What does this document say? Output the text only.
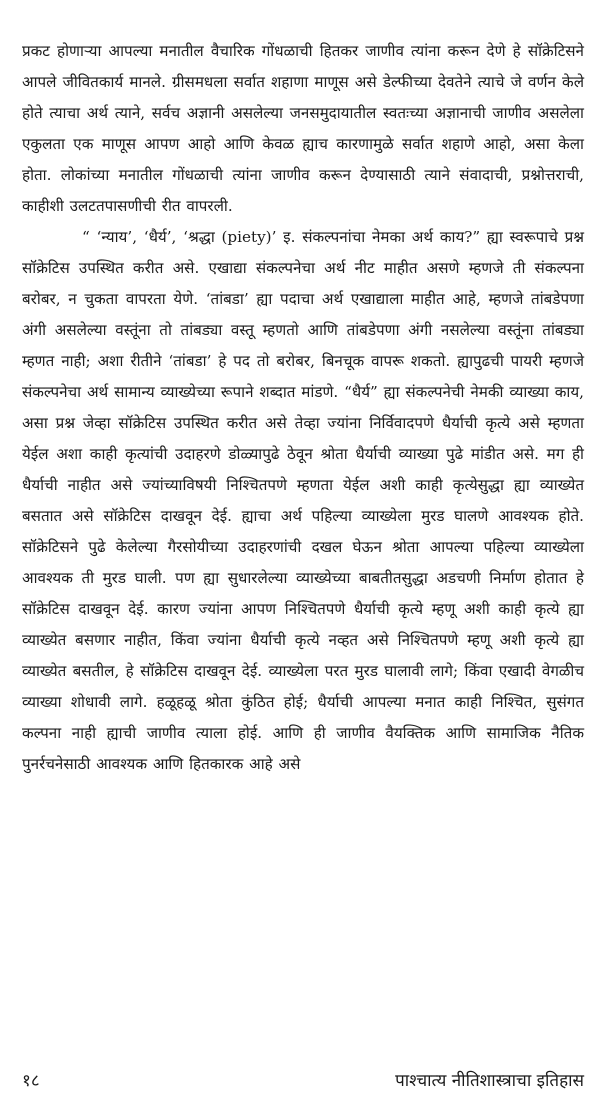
प्रकट होणाऱ्या आपल्या मनातील वैचारिक गोंधळाची हितकर जाणीव त्यांना करून देणे हे सॉक्रेटिसने आपले जीवितकार्य मानले. ग्रीसमधला सर्वात शहाणा माणूस असे डेल्फीच्या देवतेने त्याचे जे वर्णन केले होते त्याचा अर्थ त्याने, सर्वच अज्ञानी असलेल्या जनसमुदायातील स्वतःच्या अज्ञानाची जाणीव असलेला एकुलता एक माणूस आपण आहो आणि केवळ ह्याच कारणामुळे सर्वात शहाणे आहो, असा केला होता. लोकांच्या मनातील गोंधळाची त्यांना जाणीव करून देण्यासाठी त्याने संवादाची, प्रश्नोत्तराची, काहीशी उलटतपासणीची रीत वापरली.

“ ‘न्याय’, ‘धैर्य’, ‘श्रद्धा (piety)’ इ. संकल्पनांचा नेमका अर्थ काय?” ह्या स्वरूपाचे प्रश्न सॉक्रेटिस उपस्थित करीत असे. एखाद्या संकल्पनेचा अर्थ नीट माहीत असणे म्हणजे ती संकल्पना बरोबर, न चुकता वापरता येणे. ‘तांबडा’ ह्या पदाचा अर्थ एखाद्याला माहीत आहे, म्हणजे तांबडेपणा अंगी असलेल्या वस्तूंना तो तांबड्या वस्तू म्हणतो आणि तांबडेपणा अंगी नसलेल्या वस्तूंना तांबड्या म्हणत नाही; अशा रीतीने ‘तांबडा’ हे पद तो बरोबर, बिनचूक वापरू शकतो. ह्यापुढची पायरी म्हणजे संकल्पनेचा अर्थ सामान्य व्याख्येच्या रूपाने शब्दात मांडणे. “धैर्य” ह्या संकल्पनेची नेमकी व्याख्या काय, असा प्रश्न जेव्हा सॉक्रेटिस उपस्थित करीत असे तेव्हा ज्यांना निर्विवादपणे धैर्याची कृत्ये असे म्हणता येईल अशा काही कृत्यांची उदाहरणे डोळ्यापुढे ठेवून श्रोता धैर्याची व्याख्या पुढे मांडीत असे. मग ही धैर्याची नाहीत असे ज्यांच्याविषयी निश्चितपणे म्हणता येईल अशी काही कृत्येसुद्धा ह्या व्याख्येत बसतात असे सॉक्रेटिस दाखवून देई. ह्याचा अर्थ पहिल्या व्याख्येला मुरड घालणे आवश्यक होते. सॉक्रेटिसने पुढे केलेल्या गैरसोयीच्या उदाहरणांची दखल घेऊन श्रोता आपल्या पहिल्या व्याख्येला आवश्यक ती मुरड घाली. पण ह्या सुधारलेल्या व्याख्येच्या बाबतीतसुद्धा अडचणी निर्माण होतात हे सॉक्रेटिस दाखवून देई. कारण ज्यांना आपण निश्चितपणे धैर्याची कृत्ये म्हणू अशी काही कृत्ये ह्या व्याख्येत बसणार नाहीत, किंवा ज्यांना धैर्याची कृत्ये नव्हत असे निश्चितपणे म्हणू अशी कृत्ये ह्या व्याख्येत बसतील, हे सॉक्रेटिस दाखवून देई. व्याख्येला परत मुरड घालावी लागे; किंवा एखादी वेगळीच व्याख्या शोधावी लागे. हळूहळू श्रोता कुंठित होई; धैर्याची आपल्या मनात काही निश्चित, सुसंगत कल्पना नाही ह्याची जाणीव त्याला होई. आणि ही जाणीव वैयक्तिक आणि सामाजिक नैतिक पुनर्रचनेसाठी आवश्यक आणि हितकारक आहे असे

१८	पाश्चात्य नीतिशास्त्राचा इतिहास
